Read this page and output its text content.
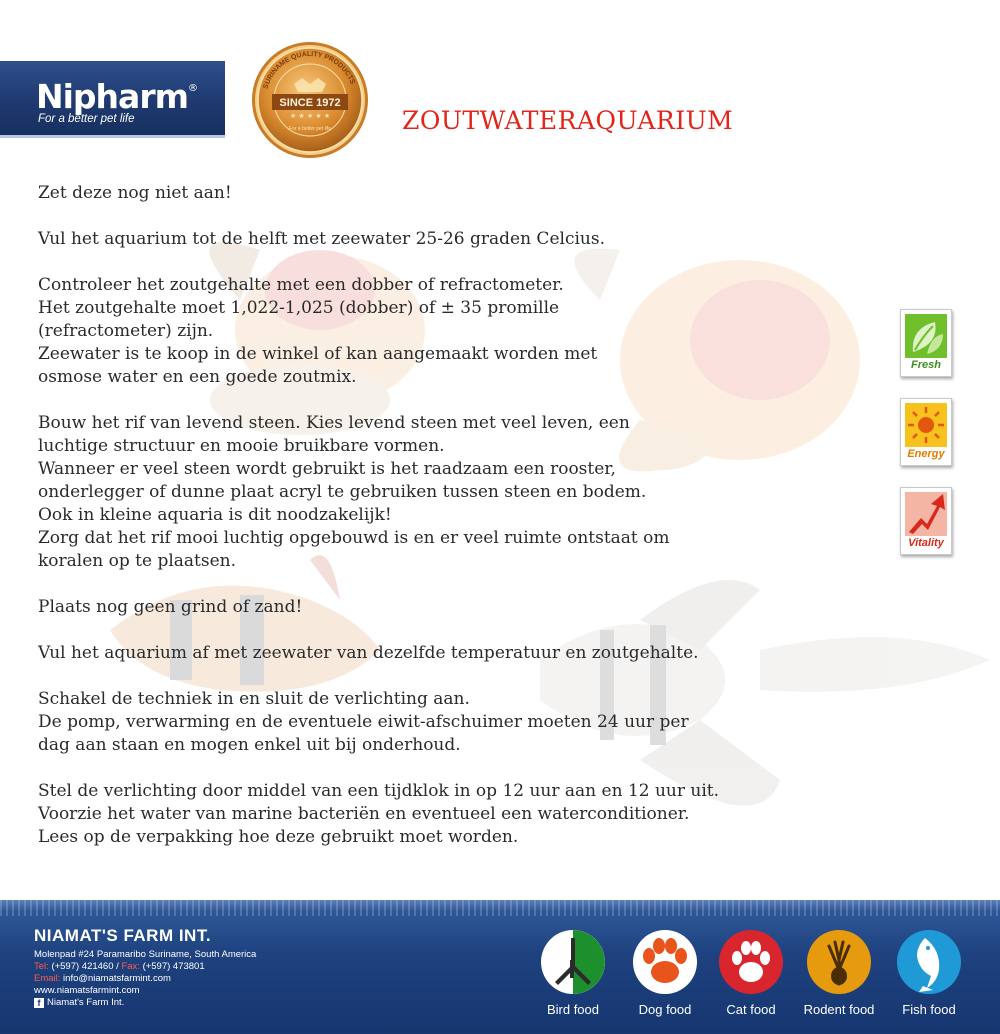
Nipharm®
For a better pet life
SURINAME QUALITY PRODUCTS
SINCE 1972
★ ★ ★ ★ ★
For a better pet life	ZOUTWATERAQUARIUM

Zet deze nog niet aan!

Vul het aquarium tot de helft met zeewater 25-26 graden Celcius.

Controleer het zoutgehalte met een dobber of refractometer.
Het zoutgehalte moet 1,022-1,025 (dobber) of ± 35 promille
(refractometer) zijn.
Zeewater is te koop in de winkel of kan aangemaakt worden met
osmose water en een goede zoutmix.

Bouw het rif van levend steen. Kies levend steen met veel leven, een
luchtige structuur en mooie bruikbare vormen.
Wanneer er veel steen wordt gebruikt is het raadzaam een rooster,
onderlegger of dunne plaat acryl te gebruiken tussen steen en bodem.
Ook in kleine aquaria is dit noodzakelijk!
Zorg dat het rif mooi luchtig opgebouwd is en er veel ruimte ontstaat om
koralen op te plaatsen.

Plaats nog geen grind of zand!

Vul het aquarium af met zeewater van dezelfde temperatuur en zoutgehalte.

Schakel de techniek in en sluit de verlichting aan.
De pomp, verwarming en de eventuele eiwit-afschuimer moeten 24 uur per
dag aan staan en mogen enkel uit bij onderhoud.

Stel de verlichting door middel van een tijdklok in op 12 uur aan en 12 uur uit.
Voorzie het water van marine bacteriën en eventueel een waterconditioner.
Lees op de verpakking hoe deze gebruikt moet worden.

Fresh
Energy
Vitality
NIAMAT'S FARM INT.
Molenpad #24 Paramaribo Suriname, South America
Tel: (+597) 421460 / Fax: (+597) 473801
Email: info@niamatsfarmint.com
www.niamatsfarmint.com
f Niamat's Farm Int.	Bird food	Dog food	Cat food	Rodent food	Fish food
